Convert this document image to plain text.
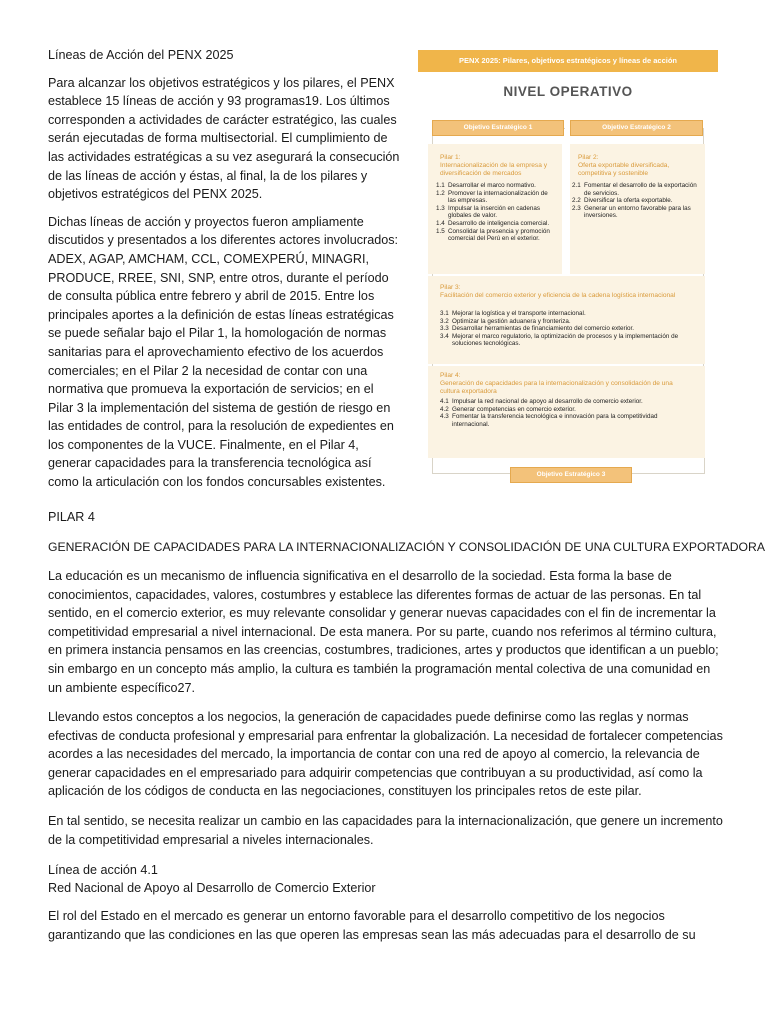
Líneas de Acción del PENX 2025

Para alcanzar los objetivos estratégicos y los pilares, el PENX establece 15 líneas de acción y 93 programas19. Los últimos corresponden a actividades de carácter estratégico, las cuales serán ejecutadas de forma multisectorial. El cumplimiento de las actividades estratégicas a su vez asegurará la consecución de las líneas de acción y éstas, al final, la de los pilares y objetivos estratégicos del PENX 2025.

Dichas líneas de acción y proyectos fueron ampliamente discutidos y presentados a los diferentes actores involucrados: ADEX, AGAP, AMCHAM, CCL, COMEXPERÚ, MINAGRI, PRODUCE, RREE, SNI, SNP, entre otros, durante el período de consulta pública entre febrero y abril de 2015. Entre los principales aportes a la definición de estas líneas estratégicas se puede señalar bajo el Pilar 1, la homologación de normas sanitarias para el aprovechamiento efectivo de los acuerdos comerciales; en el Pilar 2 la necesidad de contar con una normativa que promueva la exportación de servicios; en el Pilar 3 la implementación del sistema de gestión de riesgo en las entidades de control, para la resolución de expedientes en los componentes de la VUCE. Finalmente, en el Pilar 4, generar capacidades para la transferencia tecnológica así como la articulación con los fondos concursables existentes.

PENX 2025: Pilares, objetivos estratégicos y líneas de acción
NIVEL OPERATIVO
Objetivo Estratégico 1	Objetivo Estratégico 2
Pilar 1:
Internacionalización de la empresa y diversificación de mercados
1.1 Desarrollar el marco normativo.
1.2 Promover la internacionalización de las empresas.
1.3 Impulsar la inserción en cadenas globales de valor.
1.4 Desarrollo de inteligencia comercial.
1.5 Consolidar la presencia y promoción comercial del Perú en el exterior.
Pilar 2:
Oferta exportable diversificada, competitiva y sostenible
2.1 Fomentar el desarrollo de la exportación de servicios.
2.2 Diversificar la oferta exportable.
2.3 Generar un entorno favorable para las inversiones.
Pilar 3:
Facilitación del comercio exterior y eficiencia de la cadena logística internacional
3.1 Mejorar la logística y el transporte internacional.
3.2 Optimizar la gestión aduanera y fronteriza.
3.3 Desarrollar herramientas de financiamiento del comercio exterior.
3.4 Mejorar el marco regulatorio, la optimización de procesos y la implementación de soluciones tecnológicas.
Pilar 4:
Generación de capacidades para la internacionalización y consolidación de una cultura exportadora
4.1 Impulsar la red nacional de apoyo al desarrollo de comercio exterior.
4.2 Generar competencias en comercio exterior.
4.3 Fomentar la transferencia tecnológica e innovación para la competitividad internacional.
Objetivo Estratégico 3
PILAR 4
GENERACIÓN DE CAPACIDADES PARA LA INTERNACIONALIZACIÓN Y CONSOLIDACIÓN DE UNA CULTURA EXPORTADORA

La educación es un mecanismo de influencia significativa en el desarrollo de la sociedad. Esta forma la base de conocimientos, capacidades, valores, costumbres y establece las diferentes formas de actuar de las personas. En tal sentido, en el comercio exterior, es muy relevante consolidar y generar nuevas capacidades con el fin de incrementar la competitividad empresarial a nivel internacional. De esta manera. Por su parte, cuando nos referimos al término cultura, en primera instancia pensamos en las creencias, costumbres, tradiciones, artes y productos que identifican a un pueblo; sin embargo en un concepto más amplio, la cultura es también la programación mental colectiva de una comunidad en un ambiente específico27.

Llevando estos conceptos a los negocios, la generación de capacidades puede definirse como las reglas y normas efectivas de conducta profesional y empresarial para enfrentar la globalización. La necesidad de fortalecer competencias acordes a las necesidades del mercado, la importancia de contar con una red de apoyo al comercio, la relevancia de generar capacidades en el empresariado para adquirir competencias que contribuyan a su productividad, así como la aplicación de los códigos de conducta en las negociaciones, constituyen los principales retos de este pilar.

En tal sentido, se necesita realizar un cambio en las capacidades para la internacionalización, que genere un incremento de la competitividad empresarial a niveles internacionales.

Línea de acción 4.1
Red Nacional de Apoyo al Desarrollo de Comercio Exterior

El rol del Estado en el mercado es generar un entorno favorable para el desarrollo competitivo de los negocios garantizando que las condiciones en las que operen las empresas sean las más adecuadas para el desarrollo de su
